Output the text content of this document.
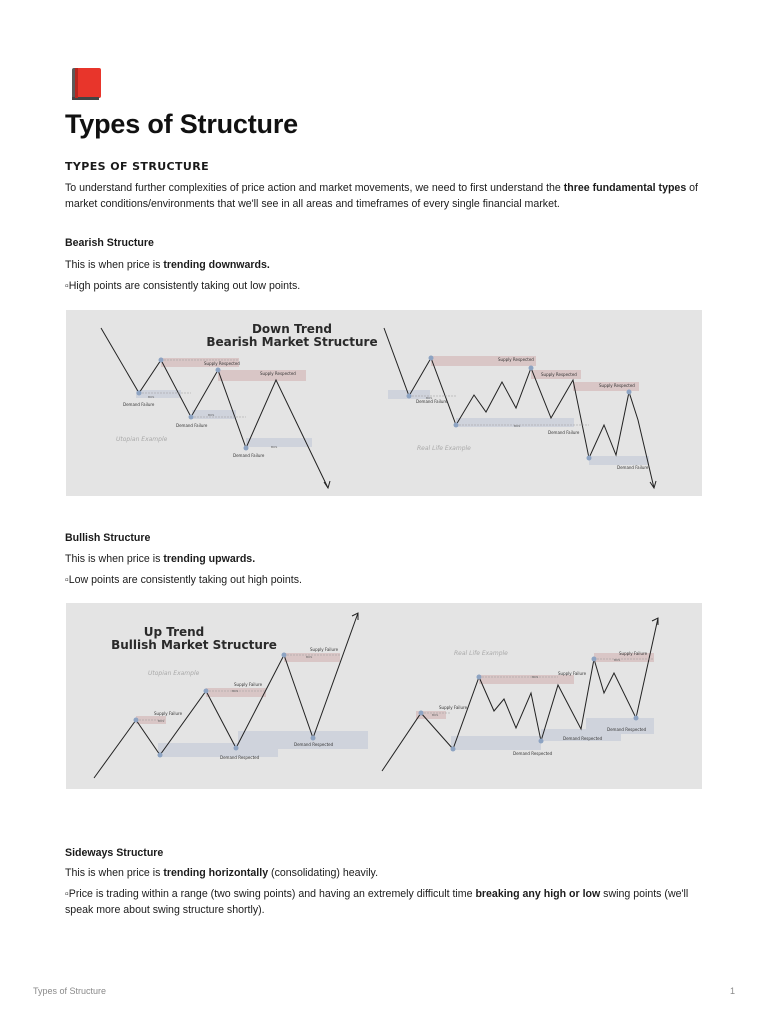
Types of Structure
TYPES OF STRUCTURE
To understand further complexities of price action and market movements, we need to first understand the three fundamental types of market conditions/environments that we'll see in all areas and timeframes of every single financial market.
Bearish Structure
This is when price is trending downwards.
▫High points are consistently taking out low points.
Down Trend
Bearish Market Structure
Supply Respected
Supply Respected
Demand Failure
Demand Failure
Demand Failure
BOS
BOS
BOS
Utopian Example
Supply Respected
Supply Respected
Supply Respected
Demand Failure
Demand Failure
Demand Failure
BOS
BOS
Real Life Example
Bullish Structure
This is when price is trending upwards.
▫Low points are consistently taking out high points.
Up Trend
Bullish Market Structure
Supply Failure
Supply Failure
Supply Failure
Demand Respected
Demand Respected
BOS
BOS
BOS
Utopian Example
Supply Failure
Supply Failure
Supply Failure
Demand Respected
Demand Respected
Demand Respected
BOS
BOS
BOS
Real Life Example
Sideways Structure
This is when price is trending horizontally (consolidating) heavily.
▫Price is trading within a range (two swing points) and having an extremely difficult time breaking any high or low swing points (we'll speak more about swing structure shortly).
Types of Structure	1
